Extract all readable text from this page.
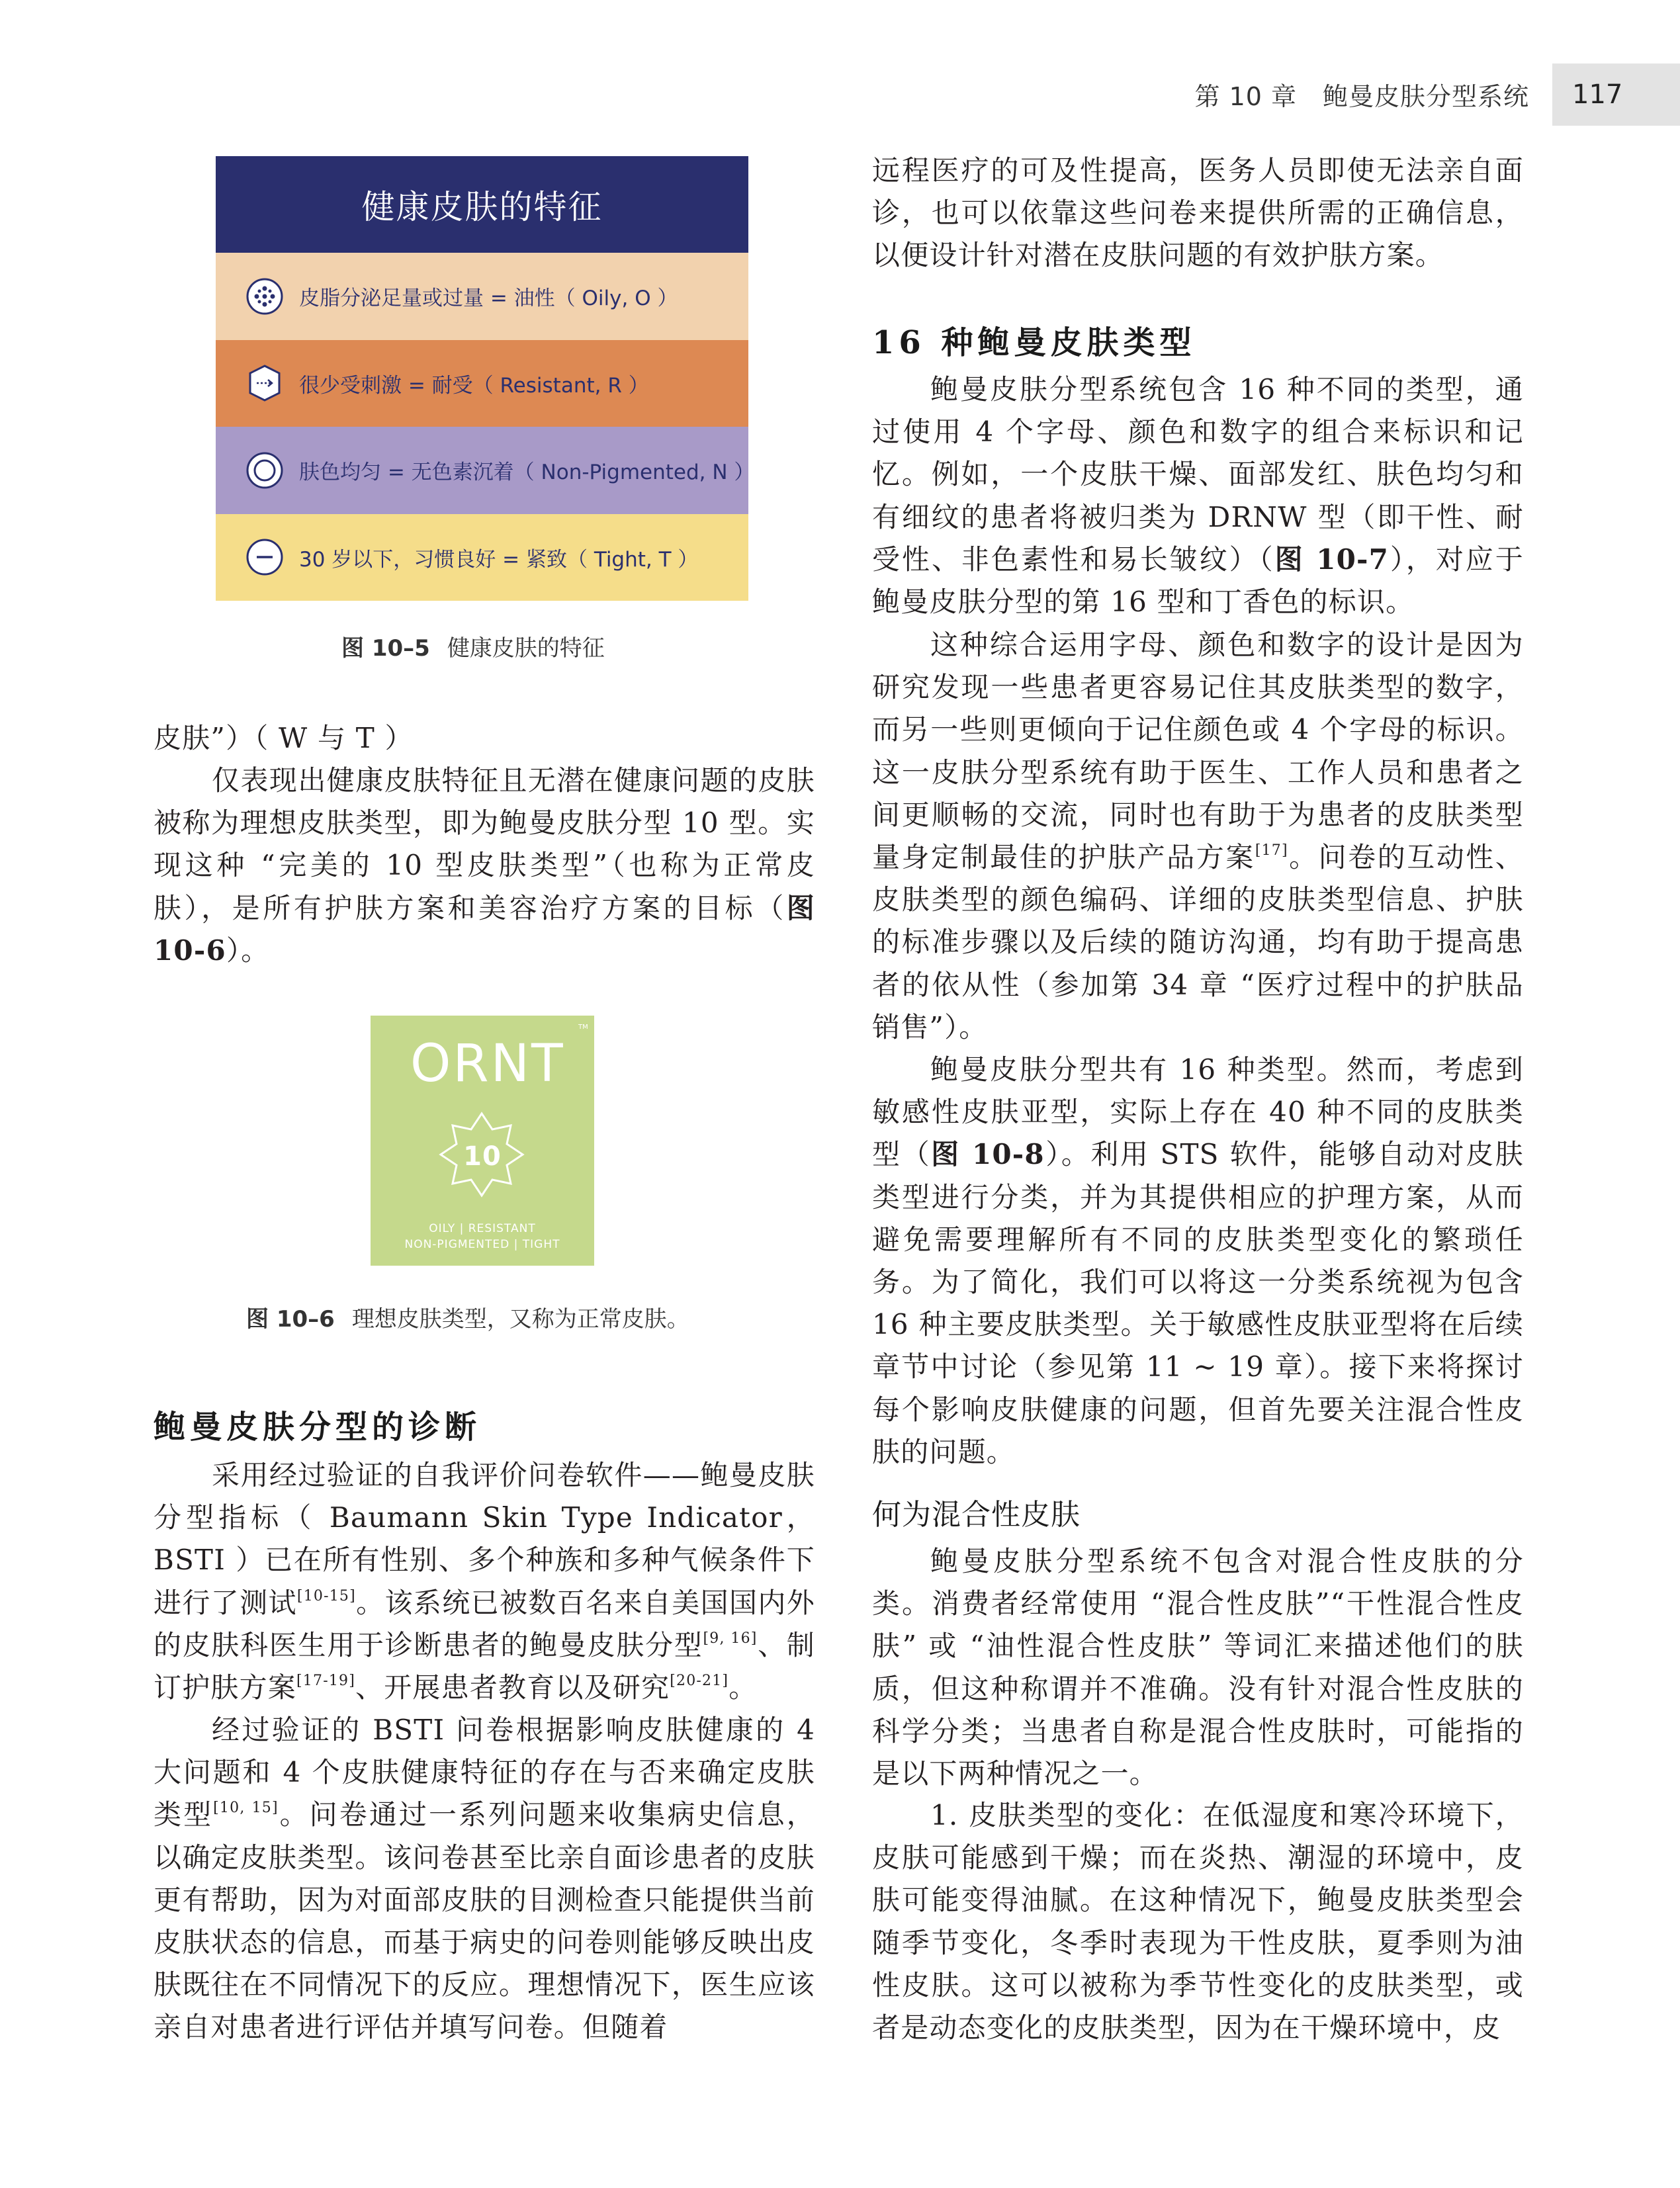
第 10 章　鲍曼皮肤分型系统	117
健康皮肤的特征
皮脂分泌足量或过量 = 油性（ Oily, O ）
很少受刺激 = 耐受（ Resistant, R ）
肤色均匀 = 无色素沉着（ Non-Pigmented, N ）
30 岁以下，习惯良好 = 紧致（ Tight, T ）
图 10–5 健康皮肤的特征
ORNT
TM
10
OILY | RESISTANT
NON-PIGMENTED | TIGHT
图 10–6 理想皮肤类型，又称为正常皮肤。

皮肤”）（ W 与 T ）

仅表现出健康皮肤特征且无潜在健康问题的皮肤被称为理想皮肤类型，即为鲍曼皮肤分型 10 型。实现这种 “完美的 10 型皮肤类型”（也称为正常皮肤），是所有护肤方案和美容治疗方案的目标（图 10-6）。

鲍曼皮肤分型的诊断

采用经过验证的自我评价问卷软件——鲍曼皮肤分型指标（ Baumann Skin Type Indicator，BSTI ）已在所有性别、多个种族和多种气候条件下进行了测试[10-15]。该系统已被数百名来自美国国内外的皮肤科医生用于诊断患者的鲍曼皮肤分型[9, 16]、制订护肤方案[17-19]、开展患者教育以及研究[20-21]。

经过验证的 BSTI 问卷根据影响皮肤健康的 4 大问题和 4 个皮肤健康特征的存在与否来确定皮肤类型[10, 15]。问卷通过一系列问题来收集病史信息，以确定皮肤类型。该问卷甚至比亲自面诊患者的皮肤更有帮助，因为对面部皮肤的目测检查只能提供当前皮肤状态的信息，而基于病史的问卷则能够反映出皮肤既往在不同情况下的反应。理想情况下，医生应该亲自对患者进行评估并填写问卷。但随着

远程医疗的可及性提高，医务人员即使无法亲自面诊，也可以依靠这些问卷来提供所需的正确信息，以便设计针对潜在皮肤问题的有效护肤方案。

16 种鲍曼皮肤类型

鲍曼皮肤分型系统包含 16 种不同的类型，通过使用 4 个字母、颜色和数字的组合来标识和记忆。例如，一个皮肤干燥、面部发红、肤色均匀和有细纹的患者将被归类为 DRNW 型（即干性、耐受性、非色素性和易长皱纹）（图 10-7），对应于鲍曼皮肤分型的第 16 型和丁香色的标识。

这种综合运用字母、颜色和数字的设计是因为研究发现一些患者更容易记住其皮肤类型的数字，而另一些则更倾向于记住颜色或 4 个字母的标识。这一皮肤分型系统有助于医生、工作人员和患者之间更顺畅的交流，同时也有助于为患者的皮肤类型量身定制最佳的护肤产品方案[17]。问卷的互动性、皮肤类型的颜色编码、详细的皮肤类型信息、护肤的标准步骤以及后续的随访沟通，均有助于提高患者的依从性（参加第 34 章 “医疗过程中的护肤品销售”）。

鲍曼皮肤分型共有 16 种类型。然而，考虑到敏感性皮肤亚型，实际上存在 40 种不同的皮肤类型（图 10-8）。利用 STS 软件，能够自动对皮肤类型进行分类，并为其提供相应的护理方案，从而避免需要理解所有不同的皮肤类型变化的繁琐任务。为了简化，我们可以将这一分类系统视为包含 16 种主要皮肤类型。关于敏感性皮肤亚型将在后续章节中讨论（参见第 11 ~ 19 章）。接下来将探讨每个影响皮肤健康的问题，但首先要关注混合性皮肤的问题。

何为混合性皮肤

鲍曼皮肤分型系统不包含对混合性皮肤的分类。消费者经常使用 “混合性皮肤”“干性混合性皮肤” 或 “油性混合性皮肤” 等词汇来描述他们的肤质，但这种称谓并不准确。没有针对混合性皮肤的科学分类；当患者自称是混合性皮肤时，可能指的是以下两种情况之一。

1. 皮肤类型的变化：在低湿度和寒冷环境下，皮肤可能感到干燥；而在炎热、潮湿的环境中，皮肤可能变得油腻。在这种情况下，鲍曼皮肤类型会随季节变化，冬季时表现为干性皮肤，夏季则为油性皮肤。这可以被称为季节性变化的皮肤类型，或者是动态变化的皮肤类型，因为在干燥环境中，皮
